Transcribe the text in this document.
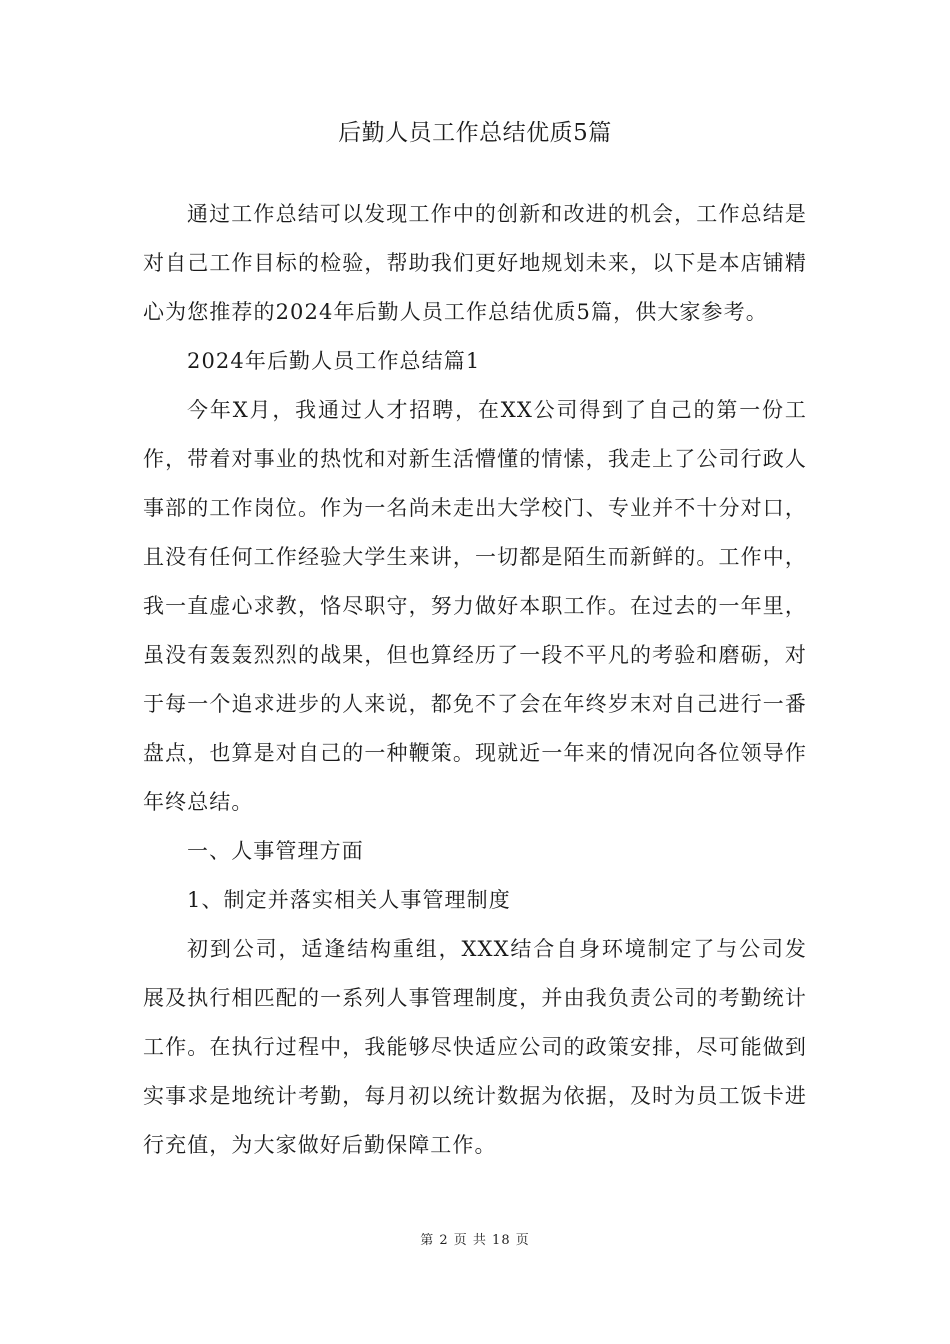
后勤人员工作总结优质5篇

通过工作总结可以发现工作中的创新和改进的机会，工作总结是对自己工作目标的检验，帮助我们更好地规划未来，以下是本店铺精心为您推荐的2024年后勤人员工作总结优质5篇，供大家参考。

2024年后勤人员工作总结篇1

今年X月，我通过人才招聘，在XX公司得到了自己的第一份工作，带着对事业的热忱和对新生活懵懂的情愫，我走上了公司行政人事部的工作岗位。作为一名尚未走出大学校门、专业并不十分对口，且没有任何工作经验大学生来讲，一切都是陌生而新鲜的。工作中，我一直虚心求教，恪尽职守，努力做好本职工作。在过去的一年里，虽没有轰轰烈烈的战果，但也算经历了一段不平凡的考验和磨砺，对于每一个追求进步的人来说，都免不了会在年终岁末对自己进行一番盘点，也算是对自己的一种鞭策。现就近一年来的情况向各位领导作年终总结。

一、人事管理方面

1、制定并落实相关人事管理制度

初到公司，适逢结构重组，XXX结合自身环境制定了与公司发展及执行相匹配的一系列人事管理制度，并由我负责公司的考勤统计工作。在执行过程中，我能够尽快适应公司的政策安排，尽可能做到实事求是地统计考勤，每月初以统计数据为依据，及时为员工饭卡进行充值，为大家做好后勤保障工作。

第 2 页 共 18 页
